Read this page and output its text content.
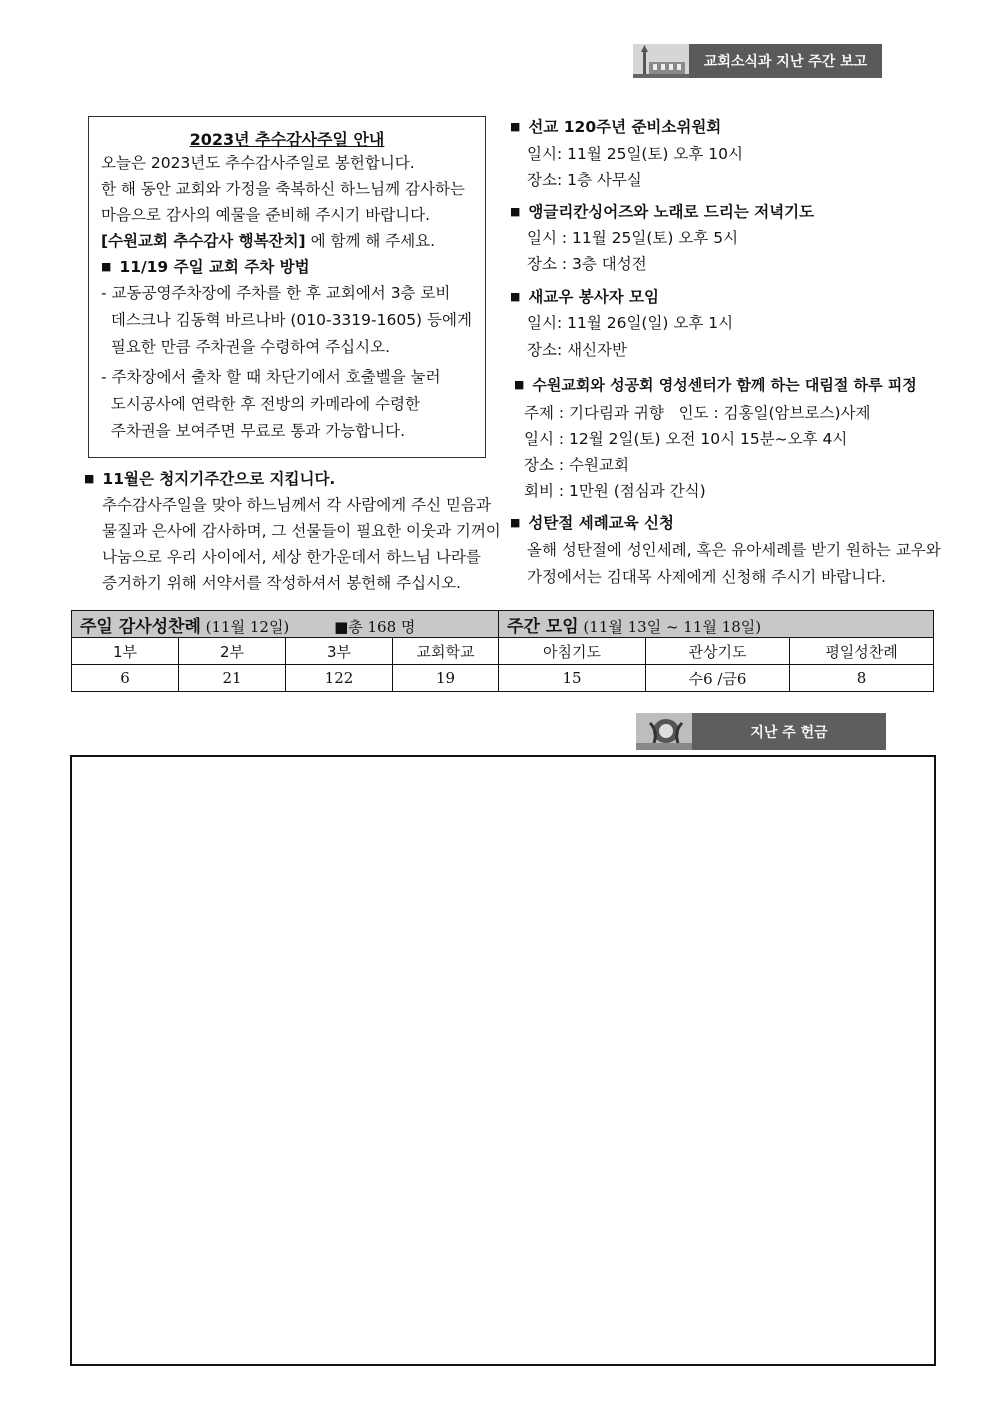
교회소식과 지난 주간 보고
2023년 추수감사주일 안내
오늘은 2023년도 추수감사주일로 봉헌합니다.
한 해 동안 교회와 가정을 축복하신 하느님께 감사하는
마음으로 감사의 예물을 준비해 주시기 바랍니다.
[수원교회 추수감사 행복잔치] 에 함께 해 주세요.
■ 11/19 주일 교회 주차 방법
- 교동공영주차장에 주차를 한 후 교회에서 3층 로비
데스크나 김동혁 바르나바 (010-3319-1605) 등에게
필요한 만큼 주차권을 수령하여 주십시오.
- 주차장에서 출차 할 때 차단기에서 호출벨을 눌러
도시공사에 연락한 후 전방의 카메라에 수령한
주차권을 보여주면 무료로 통과 가능합니다.
■ 11월은 청지기주간으로 지킵니다.
추수감사주일을 맞아 하느님께서 각 사람에게 주신 믿음과
물질과 은사에 감사하며, 그 선물들이 필요한 이웃과 기꺼이
나눔으로 우리 사이에서, 세상 한가운데서 하느님 나라를
증거하기 위해 서약서를 작성하셔서 봉헌해 주십시오.
■ 선교 120주년 준비소위원회
일시: 11월 25일(토) 오후 10시
장소: 1층 사무실
■ 앵글리칸싱어즈와 노래로 드리는 저녁기도
일시 : 11월 25일(토) 오후 5시
장소 : 3층 대성전
■ 새교우 봉사자 모임
일시: 11월 26일(일) 오후 1시
장소: 새신자반
■ 수원교회와 성공회 영성센터가 함께 하는 대림절 하루 피정
주제 : 기다림과 귀향   인도 : 김홍일(암브로스)사제
일시 : 12월 2일(토) 오전 10시 15분~오후 4시
장소 : 수원교회
회비 : 1만원 (점심과 간식)
■ 성탄절 세례교육 신청
올해 성탄절에 성인세례, 혹은 유아세례를 받기 원하는 교우와
가정에서는 김대목 사제에게 신청해 주시기 바랍니다.
주일 감사성찬례 (11월 12일) ■총 168 명				주간 모임 (11월 13일 ~ 11월 18일)		
1부	2부	3부	교회학교	아침기도	관상기도	평일성찬례
6	21	122	19	15	수6 /금6	8
지난 주 헌금
